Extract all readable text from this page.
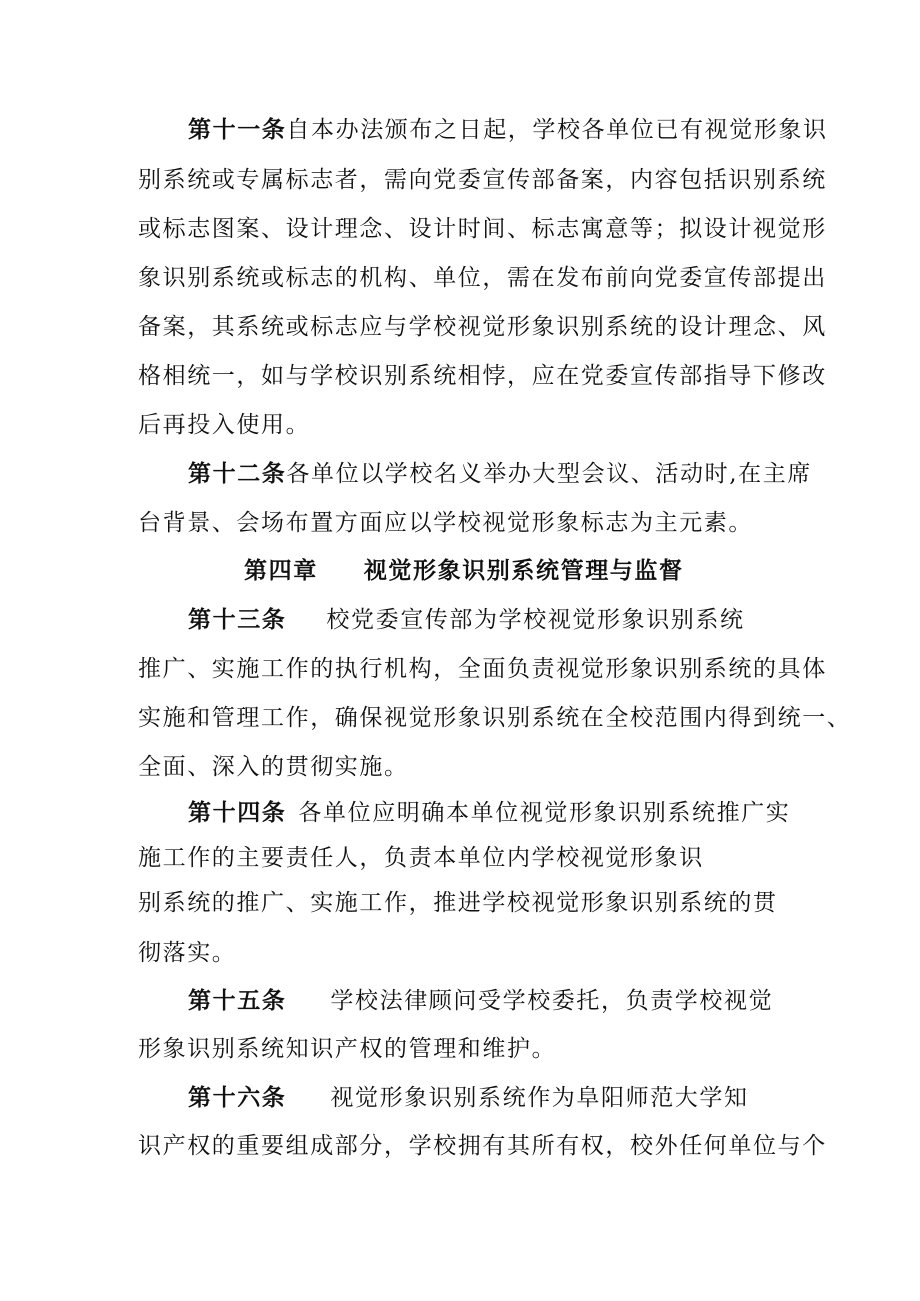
第十一条自本办法颁布之日起，学校各单位已有视觉形象识
别系统或专属标志者，需向党委宣传部备案，内容包括识别系统
或标志图案、设计理念、设计时间、标志寓意等；拟设计视觉形
象识别系统或标志的机构、单位，需在发布前向党委宣传部提出
备案，其系统或标志应与学校视觉形象识别系统的设计理念、风
格相统一，如与学校识别系统相悖，应在党委宣传部指导下修改
后再投入使用。
第十二条各单位以学校名义举办大型会议、活动时,在主席
台背景、会场布置方面应以学校视觉形象标志为主元素。
第四章 视觉形象识别系统管理与监督
第十三条 校党委宣传部为学校视觉形象识别系统
推广、实施工作的执行机构，全面负责视觉形象识别系统的具体
实施和管理工作，确保视觉形象识别系统在全校范围内得到统一、
全面、深入的贯彻实施。
第十四条 各单位应明确本单位视觉形象识别系统推广实
施工作的主要责任人，负责本单位内学校视觉形象识
别系统的推广、实施工作，推进学校视觉形象识别系统的贯
彻落实。
第十五条 学校法律顾问受学校委托，负责学校视觉
形象识别系统知识产权的管理和维护。
第十六条 视觉形象识别系统作为阜阳师范大学知
识产权的重要组成部分，学校拥有其所有权，校外任何单位与个
